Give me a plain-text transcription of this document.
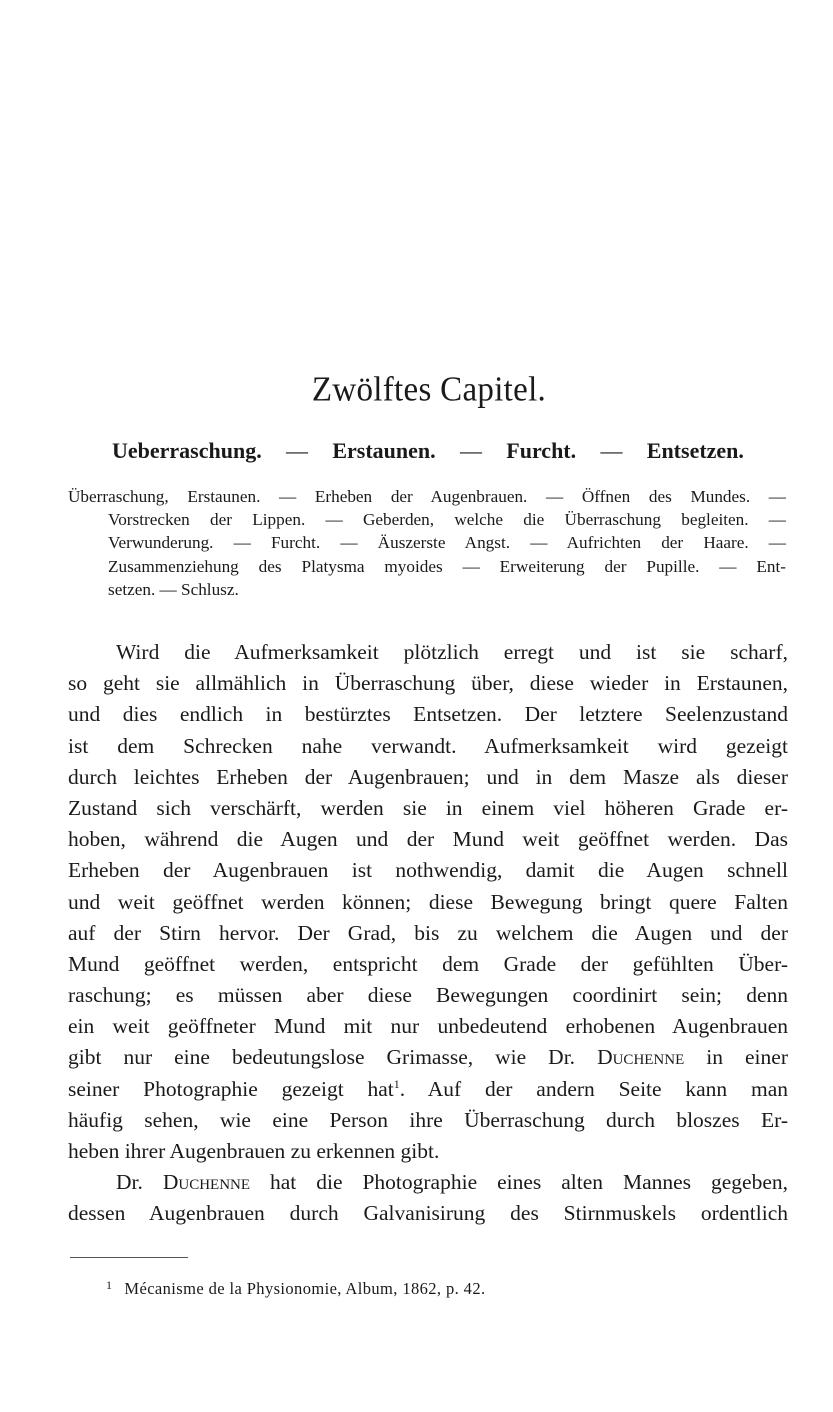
Zwölftes Capitel.
Ueberraschung. — Erstaunen. — Furcht. — Entsetzen.
Überraschung, Erstaunen. — Erheben der Augenbrauen. — Öffnen des Mundes. —
Vorstrecken der Lippen. — Geberden, welche die Überraschung begleiten. —
Verwunderung. — Furcht. — Äuszerste Angst. — Aufrichten der Haare. —
Zusammenziehung des Platysma myoides — Erweiterung der Pupille. — Ent-
setzen. — Schlusz.
Wird die Aufmerksamkeit plötzlich erregt und ist sie scharf,
so geht sie allmählich in Überraschung über, diese wieder in Erstaunen,
und dies endlich in bestürztes Entsetzen. Der letztere Seelenzustand
ist dem Schrecken nahe verwandt. Aufmerksamkeit wird gezeigt
durch leichtes Erheben der Augenbrauen; und in dem Masze als dieser
Zustand sich verschärft, werden sie in einem viel höheren Grade er-
hoben, während die Augen und der Mund weit geöffnet werden. Das
Erheben der Augenbrauen ist nothwendig, damit die Augen schnell
und weit geöffnet werden können; diese Bewegung bringt quere Falten
auf der Stirn hervor. Der Grad, bis zu welchem die Augen und der
Mund geöffnet werden, entspricht dem Grade der gefühlten Über-
raschung; es müssen aber diese Bewegungen coordinirt sein; denn
ein weit geöffneter Mund mit nur unbedeutend erhobenen Augenbrauen
gibt nur eine bedeutungslose Grimasse, wie Dr. Duchenne in einer
seiner Photographie gezeigt hat$^1$. Auf der andern Seite kann man
häufig sehen, wie eine Person ihre Überraschung durch bloszes Er-
heben ihrer Augenbrauen zu erkennen gibt.
Dr. Duchenne hat die Photographie eines alten Mannes gegeben,
dessen Augenbrauen durch Galvanisirung des Stirnmuskels ordentlich
$^1$ Mécanisme de la Physionomie, Album, 1862, p. 42.
